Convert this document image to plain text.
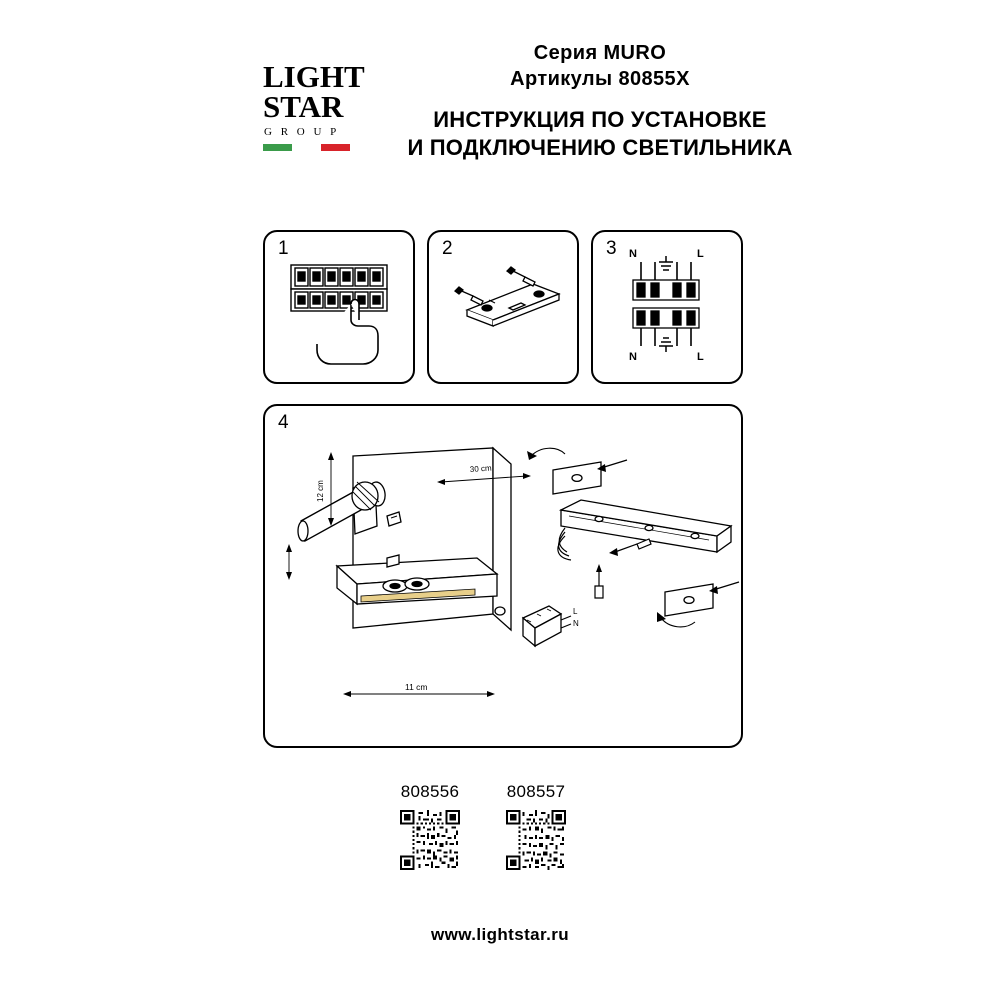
LIGHT
STAR
G R O U P
Серия MURO
Артикулы 80855Х
ИНСТРУКЦИЯ ПО УСТАНОВКЕ
И ПОДКЛЮЧЕНИЮ СВЕТИЛЬНИКА
1	2	3 N	L
N	L
4
12 cm
30 cm
11 cm
L
N
808556	808557
www.lightstar.ru
